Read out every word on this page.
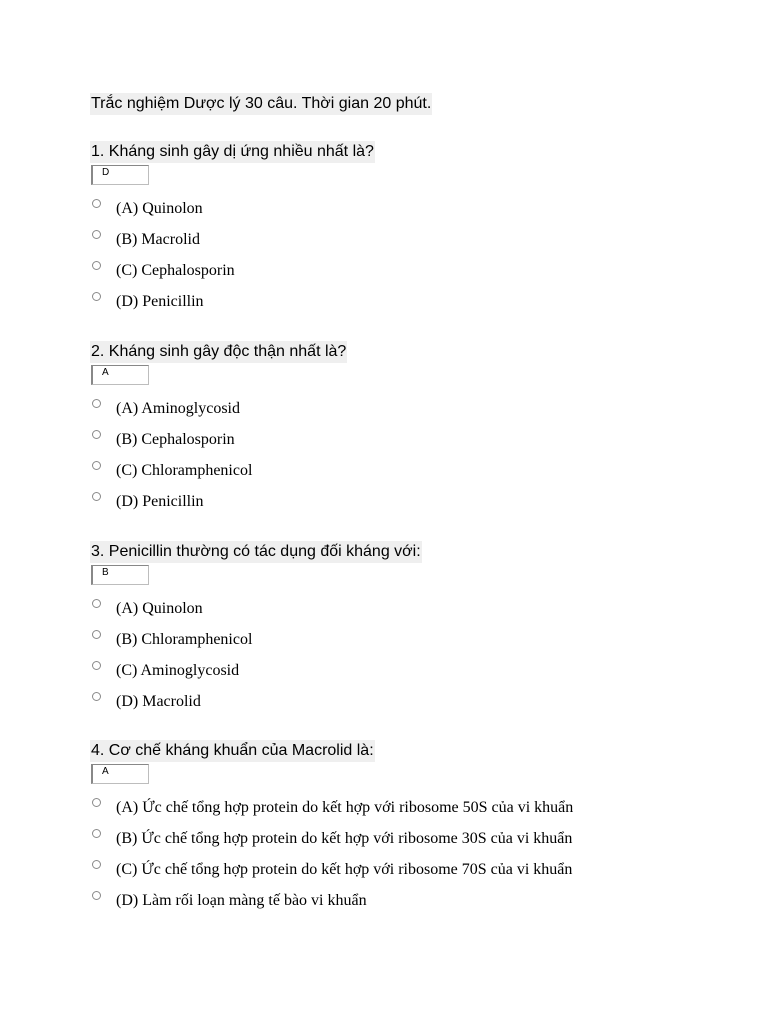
Trắc nghiệm Dược lý 30 câu. Thời gian 20 phút.
1. Kháng sinh gây dị ứng nhiều nhất là?
D
(A) Quinolon
(B) Macrolid
(C) Cephalosporin
(D) Penicillin
2. Kháng sinh gây độc thận nhất là?
A
(A) Aminoglycosid
(B) Cephalosporin
(C) Chloramphenicol
(D) Penicillin
3. Penicillin thường có tác dụng đối kháng với:
B
(A) Quinolon
(B) Chloramphenicol
(C) Aminoglycosid
(D) Macrolid
4. Cơ chế kháng khuẩn của Macrolid là:
A
(A) Ức chế tổng hợp protein do kết hợp với ribosome 50S của vi khuẩn
(B) Ức chế tổng hợp protein do kết hợp với ribosome 30S của vi khuẩn
(C) Ức chế tổng hợp protein do kết hợp với ribosome 70S của vi khuẩn
(D) Làm rối loạn màng tế bào vi khuẩn
